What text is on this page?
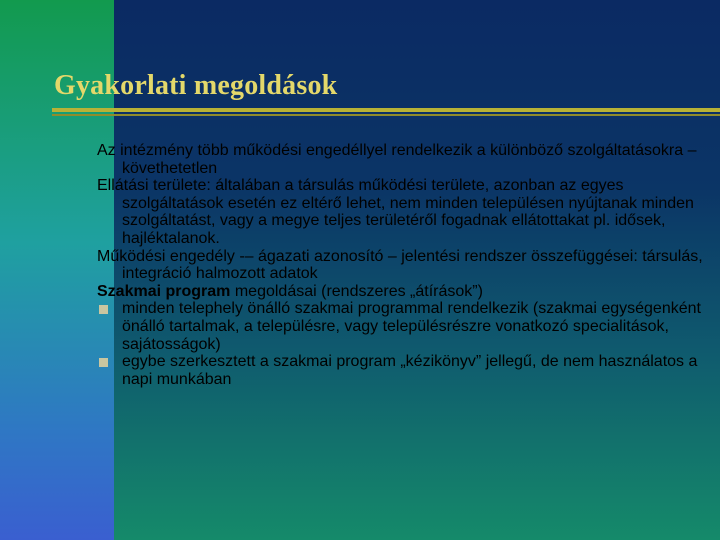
Gyakorlati megoldások

Az intézmény több működési engedéllyel rendelkezik a különböző szolgáltatásokra – követhetetlen

Ellátási területe: általában a társulás működési területe, azonban az egyes szolgáltatások esetén ez eltérő lehet, nem minden településen nyújtanak minden szolgáltatást, vagy a megye teljes területéről fogadnak ellátottakat pl. idősek, hajléktalanok.

Működési engedély -– ágazati azonosító – jelentési rendszer összefüggései: társulás, integráció halmozott adatok

Szakmai program megoldásai (rendszeres „átírások”)

minden telephely önálló szakmai programmal rendelkezik (szakmai egységenként önálló tartalmak, a településre, vagy településrészre vonatkozó specialitások, sajátosságok)
egybe szerkesztett a szakmai program „kézikönyv” jellegű, de nem használatos a napi munkában
